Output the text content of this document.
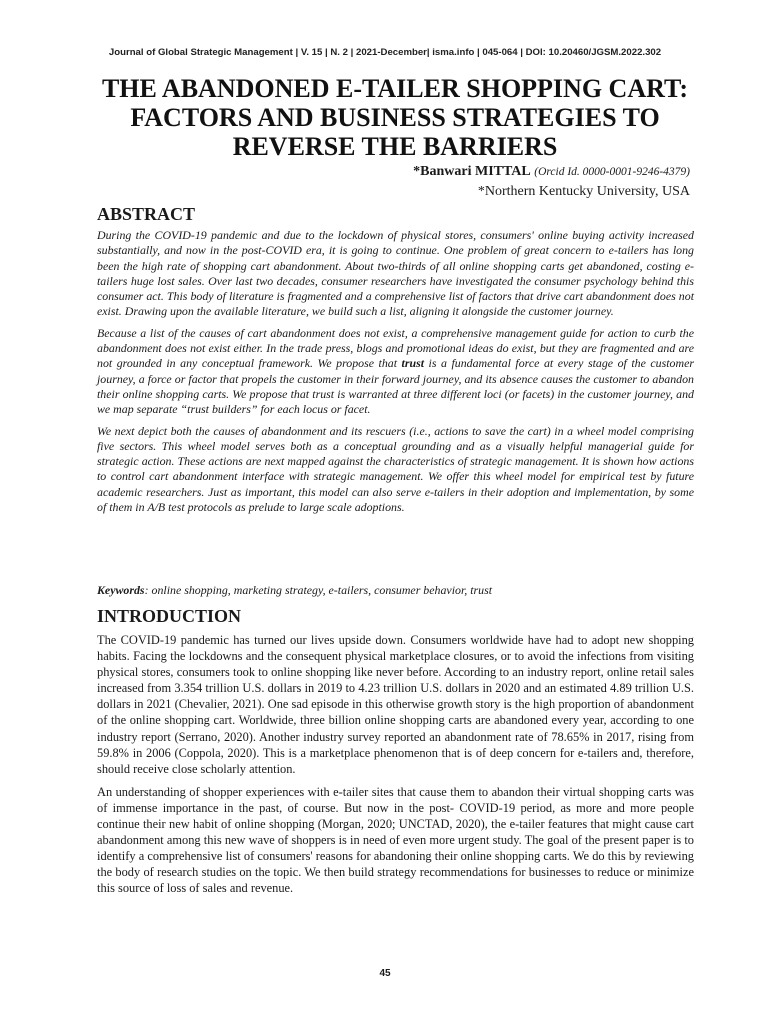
Journal of Global Strategic Management | V. 15 | N. 2 | 2021-December| isma.info | 045-064 | DOI: 10.20460/JGSM.2022.302
THE ABANDONED E-TAILER SHOPPING CART: FACTORS AND BUSINESS STRATEGIES TO REVERSE THE BARRIERS
*Banwari MITTAL (Orcid Id. 0000-0001-9246-4379)
*Northern Kentucky University, USA
ABSTRACT

During the COVID-19 pandemic and due to the lockdown of physical stores, consumers' online buying activity increased substantially, and now in the post-COVID era, it is going to continue. One problem of great concern to e-tailers has long been the high rate of shopping cart abandonment. About two-thirds of all online shopping carts get abandoned, costing e-tailers huge lost sales. Over last two decades, consumer researchers have investigated the consumer psychology behind this consumer act. This body of literature is fragmented and a comprehensive list of factors that drive cart abandonment does not exist. Drawing upon the available literature, we build such a list, aligning it alongside the customer journey.

Because a list of the causes of cart abandonment does not exist, a comprehensive management guide for action to curb the abandonment does not exist either. In the trade press, blogs and promotional ideas do exist, but they are fragmented and are not grounded in any conceptual framework. We propose that trust is a fundamental force at every stage of the customer journey, a force or factor that propels the customer in their forward journey, and its absence causes the customer to abandon their online shopping carts. We propose that trust is warranted at three different loci (or facets) in the customer journey, and we map separate “trust builders” for each locus or facet.

We next depict both the causes of abandonment and its rescuers (i.e., actions to save the cart) in a wheel model comprising five sectors. This wheel model serves both as a conceptual grounding and as a visually helpful managerial guide for strategic action. These actions are next mapped against the characteristics of strategic management. It is shown how actions to control cart abandonment interface with strategic management. We offer this wheel model for empirical test by future academic researchers. Just as important, this model can also serve e-tailers in their adoption and implementation, by some of them in A/B test protocols as prelude to large scale adoptions.

Keywords: online shopping, marketing strategy, e-tailers, consumer behavior, trust
INTRODUCTION

The COVID-19 pandemic has turned our lives upside down. Consumers worldwide have had to adopt new shopping habits. Facing the lockdowns and the consequent physical marketplace closures, or to avoid the infections from visiting physical stores, consumers took to online shopping like never before. According to an industry report, online retail sales increased from 3.354 trillion U.S. dollars in 2019 to 4.23 trillion U.S. dollars in 2020 and an estimated 4.89 trillion U.S. dollars in 2021 (Chevalier, 2021). One sad episode in this otherwise growth story is the high proportion of abandonment of the online shopping cart. Worldwide, three billion online shopping carts are abandoned every year, according to one industry report (Serrano, 2020). Another industry survey reported an abandonment rate of 78.65% in 2017, rising from 59.8% in 2006 (Coppola, 2020). This is a marketplace phenomenon that is of deep concern for e-tailers and, therefore, should receive close scholarly attention.

An understanding of shopper experiences with e-tailer sites that cause them to abandon their virtual shopping carts was of immense importance in the past, of course. But now in the post- COVID-19 period, as more and more people continue their new habit of online shopping (Morgan, 2020; UNCTAD, 2020), the e-tailer features that might cause cart abandonment among this new wave of shoppers is in need of even more urgent study. The goal of the present paper is to identify a comprehensive list of consumers' reasons for abandoning their online shopping carts. We do this by reviewing the body of research studies on the topic. We then build strategy recommendations for businesses to reduce or minimize this source of loss of sales and revenue.

45
